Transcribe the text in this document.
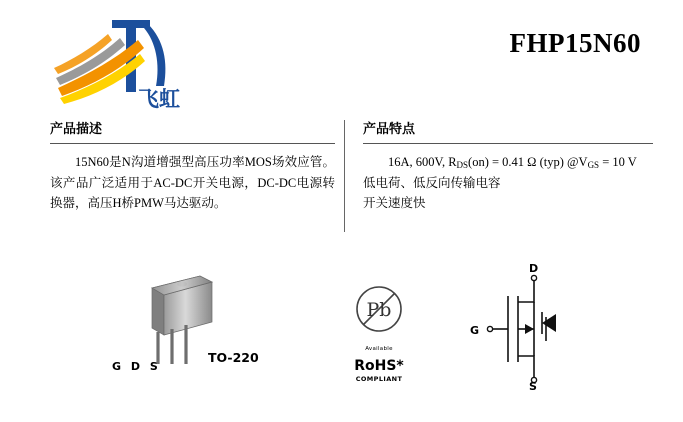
飞虹
FHP15N60
产品描述
15N60是N沟道增强型高压功率MOS场效应管。该产品广泛适用于AC-DC开关电源，DC-DC电源转换器，高压H桥PMW马达驱动。
产品特点
16A, 600V, RDS(on) = 0.41 Ω (typ) @VGS = 10 V
低电荷、低反向传输电容
开关速度快
G D S
TO-220
Pb
Available
RoHS*
COMPLIANT
D
G
S
